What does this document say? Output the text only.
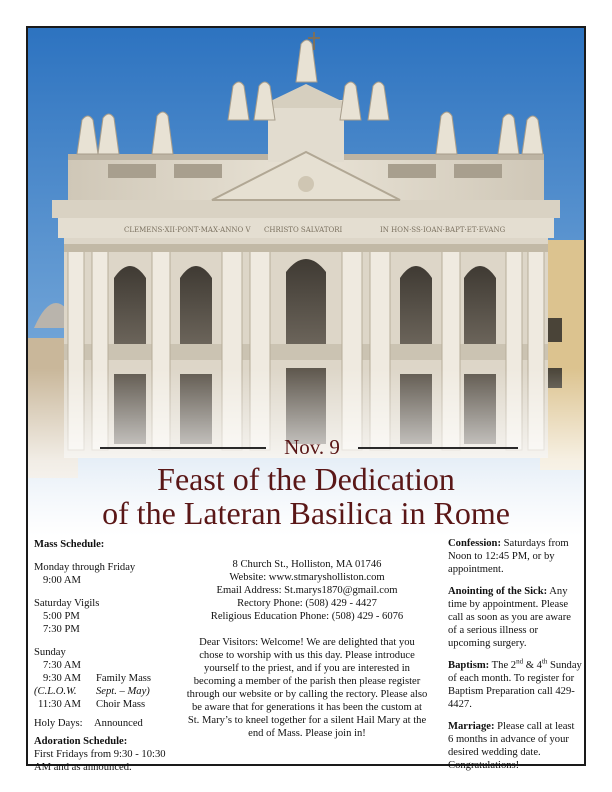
CLEMENS·XII·PONT·MAX·ANNO V CHRISTO SALVATORI	IN HON·SS·IOAN·BAPT·ET·EVANG
Nov. 9
Feast of the Dedication
of the Lateran Basilica in Rome
Mass Schedule:
Monday through Friday
9:00 AM
Saturday Vigils
5:00 PM
7:30 PM
Sunday
7:30 AM
9:30 AM Family Mass
(C.L.O.W. Sept. – May)
11:30 AM Choir Mass
Holy Days: Announced
Adoration Schedule:
First Fridays from 9:30 - 10:30 AM and as announced.
8 Church St., Holliston, MA 01746
Website: www.stmarysholliston.com
Email Address: St.marys1870@gmail.com
Rectory Phone: (508) 429 - 4427
Religious Education Phone: (508) 429 - 6076
Dear Visitors: Welcome! We are delighted that you chose to worship with us this day. Please introduce yourself to the priest, and if you are interested in becoming a member of the parish then please register through our website or by calling the rectory. Please also be aware that for generations it has been the custom at St. Mary’s to kneel together for a silent Hail Mary at the end of Mass. Please join in!
Confession: Saturdays from Noon to 12:45 PM, or by appointment.
Anointing of the Sick: Any time by appointment. Please call as soon as you are aware of a serious illness or upcoming surgery.
Baptism: The 2nd & 4th Sunday of each month. To register for Baptism Preparation call 429-4427.
Marriage: Please call at least 6 months in advance of your desired wedding date. Congratulations!
